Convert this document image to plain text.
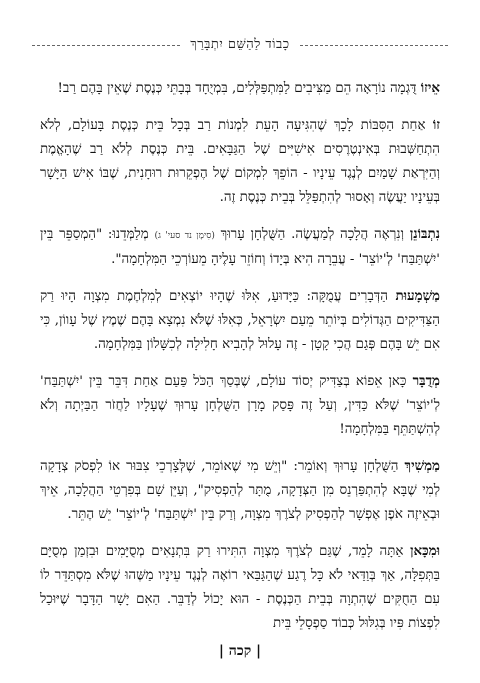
כָבוֹד לַהַשֵּׁם יִתְבָּרַךְ

אֵיזוֹ דֻּגְמָה נוֹרָאָה הֵם מַצִּיבִים לַמִּתְפַּלְּלִים, בִּמְיֻחָד בְּבָתֵּי כְּנֶסֶת שֶׁאֵין בָּהֶם רַב!

זוֹ אַחַת הַסִּבּוֹת לָכָךְ שֶׁהִגִּיעָה הָעֵת לִמְנוֹת רַב בְּכָל בֵּית כְּנֶסֶת בָּעוֹלָם, לְלֹא הִתְחַשְּׁבוּת בְּאִינְטֶרֶסִים אִישִׁיִּים שֶׁל הַגַּבָּאִים. בֵּית כְּנֶסֶת לְלֹא רַב שֶׁהָאֱמֶת וְהַיִּרְאַת שָׁמַיִם לְנֶגֶד עֵינָיו - הוֹפֵךְ לִמְקוֹם שֶׁל הֶפְקֵרוּת רוּחָנִית, שֶׁבּוֹ אִישׁ הַיָּשָׁר בְּעֵינָיו יַעֲשֶׂה וְאָסוּר לְהִתְפַּלֵּל בְּבֵית כְּנֶסֶת זֶה.

נִתְבּוֹנֵן וְנִרְאֶה הֲלָכָה לְמַעֲשֶׂה. הַשֻּׁלְחָן עָרוּךְ (סִימָן נד סעי' ג) מְלַמְּדֵנוּ: "הַמְסַפֵּר בֵּין 'יִשְׁתַּבַּח' לְ'יוֹצֵר' - עֲבֵרָה הִיא בְּיָדוֹ וְחוֹזֵר עָלֶיהָ מֵעוֹרְכֵי הַמִּלְחָמָה".

מַשְׁמָעוּת הַדְּבָרִים עֲמֻקָּה: כַּיָּדוּעַ, אִלּוּ שֶׁהָיוּ יוֹצְאִים לְמִלְחֶמֶת מִצְוָה הָיוּ רַק הַצַּדִּיקִים הַגְּדוֹלִים בְּיוֹתֵר מֵעַם יִשְׂרָאֵל, כְּאִלּוּ שֶׁלֹּא נִמְצָא בָּהֶם שֶׁמֶץ שֶׁל עָווֹן, כִּי אִם יֵשׁ בָּהֶם פְּגַם הֲכִי קָטָן - זֶה עָלוּל לְהָבִיא חָלִילָה לְכִשָּׁלוֹן בַּמִּלְחָמָה.

מְדֻבָּר כָּאן אֵפוֹא בְּצַדִּיק יְסוֹד עוֹלָם, שֶׁבְּסַךְ הַכֹּל פַּעַם אַחַת דִּבֵּר בֵּין 'יִשְׁתַּבַּח' לְ'יוֹצֵר' שֶׁלֹּא כַּדִּין, וְעַל זֶה פָּסַק מָרָן הַשֻּׁלְחָן עָרוּךְ שֶׁעָלָיו לַחֲזֹר הַבַּיְתָה וְלֹא לְהִשְׁתַּתֵּף בַּמִּלְחָמָה!

מַמְשִׁיךְ הַשֻּׁלְחָן עָרוּךְ וְאוֹמֵר: "וְיֵשׁ מִי שֶׁאוֹמֵר, שֶׁלְּצָרְכֵי צִבּוּר אוֹ לִפְסֹק צְדָקָה לְמִי שֶׁבָּא לְהִתְפַּרְנֵס מִן הַצְּדָקָה, מֻתָּר לְהַפְסִיק", וְעַיֵּן שָׁם בְּפִרְטֵי הַהֲלָכָה, אֵיךְ וּבְאֵיזֶה אֹפֶן אֶפְשָׁר לְהַפְסִיק לְצֹרֶךְ מִצְוָה, וְרַק בֵּין 'יִשְׁתַּבַּח' לְ'יוֹצֵר' יֵשׁ הֶתֵּר.

וּמִכָּאן אַתָּה לָמֵד, שֶׁגַּם לְצֹרֶךְ מִצְוָה הִתִּירוּ רַק בִּתְנָאִים מְסֻיָּמִים וּבִזְמַן מְסֻיָּם בַּתְּפִלָּה, אַךְ בְּוַדַּאי לֹא כָּל רֶגַע שֶׁהַגַּבַּאי רוֹאֶה לְנֶגֶד עֵינָיו מַשֶּׁהוּ שֶׁלֹּא מִסְתַּדֵּר לוֹ עִם הַחֻקִּים שֶׁהִתְוָה בְּבֵית הַכְּנֶסֶת - הוּא יָכוֹל לְדַבֵּר. הַאִם יָשָׁר הַדָּבָר שֶׁיּוּכַל לִפְצוֹת פִּיו בְּגִלּוּל כְּבוֹד סַפְסָלֵי בֵּית

| קכה |
